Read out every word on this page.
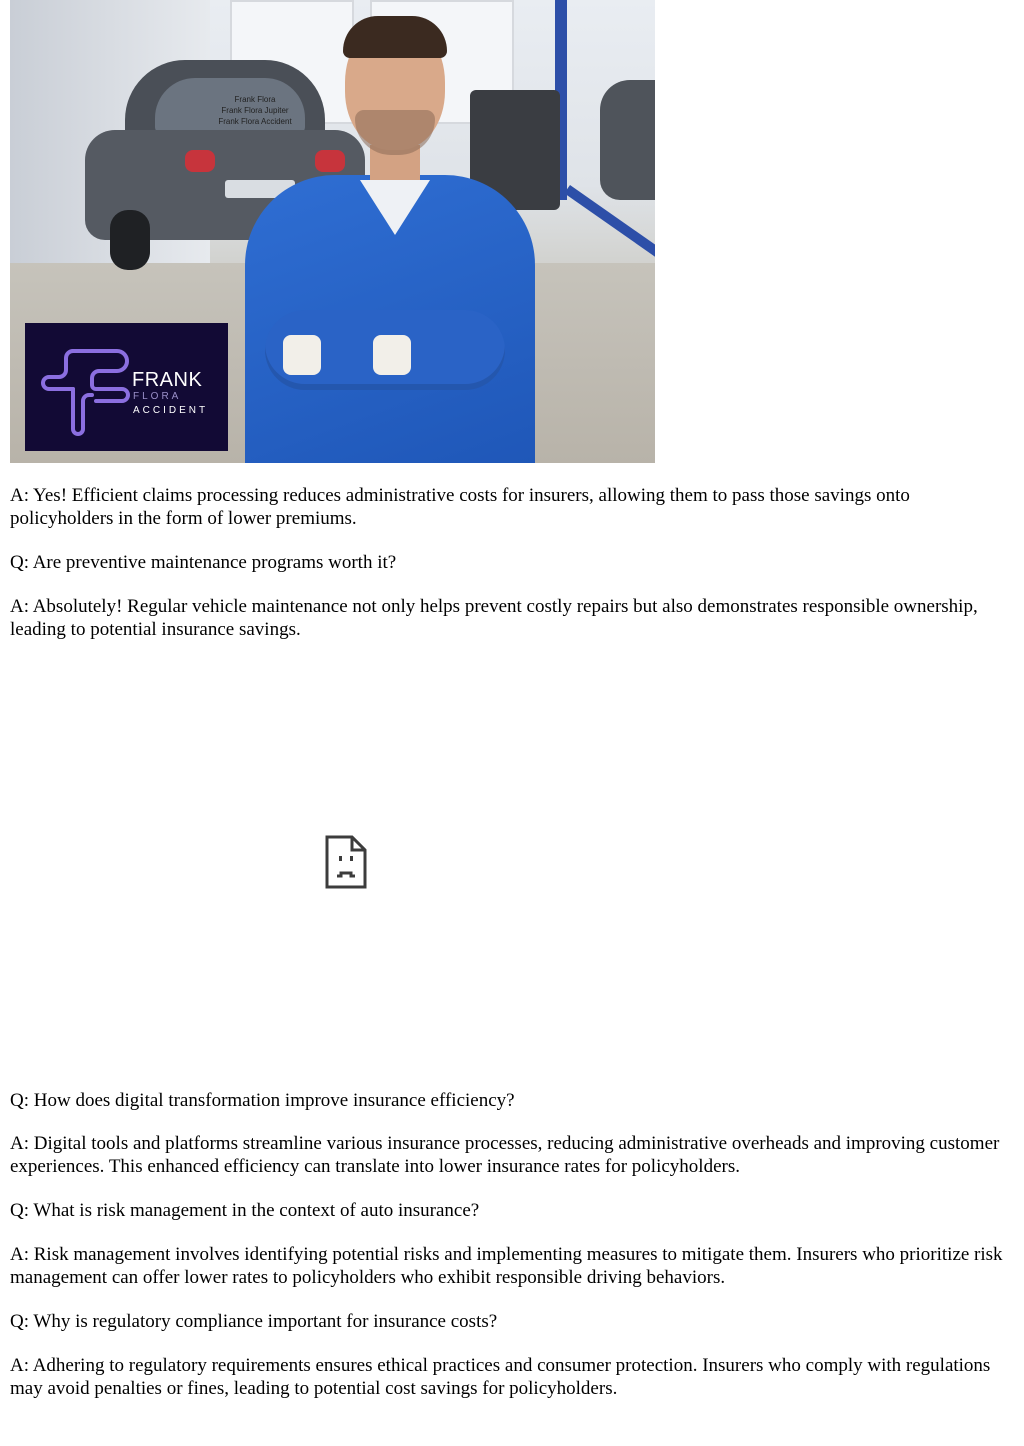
Frank Flora
Frank Flora Jupiter
Frank Flora Accident
FRANK
FLORA
ACCIDENT

A: Yes! Efficient claims processing reduces administrative costs for insurers, allowing them to pass those savings onto policyholders in the form of lower premiums.

Q: Are preventive maintenance programs worth it?

A: Absolutely! Regular vehicle maintenance not only helps prevent costly repairs but also demonstrates responsible ownership, leading to potential insurance savings.

Q: How does digital transformation improve insurance efficiency?

A: Digital tools and platforms streamline various insurance processes, reducing administrative overheads and improving customer experiences. This enhanced efficiency can translate into lower insurance rates for policyholders.

Q: What is risk management in the context of auto insurance?

A: Risk management involves identifying potential risks and implementing measures to mitigate them. Insurers who prioritize risk management can offer lower rates to policyholders who exhibit responsible driving behaviors.

Q: Why is regulatory compliance important for insurance costs?

A: Adhering to regulatory requirements ensures ethical practices and consumer protection. Insurers who comply with regulations may avoid penalties or fines, leading to potential cost savings for policyholders.
